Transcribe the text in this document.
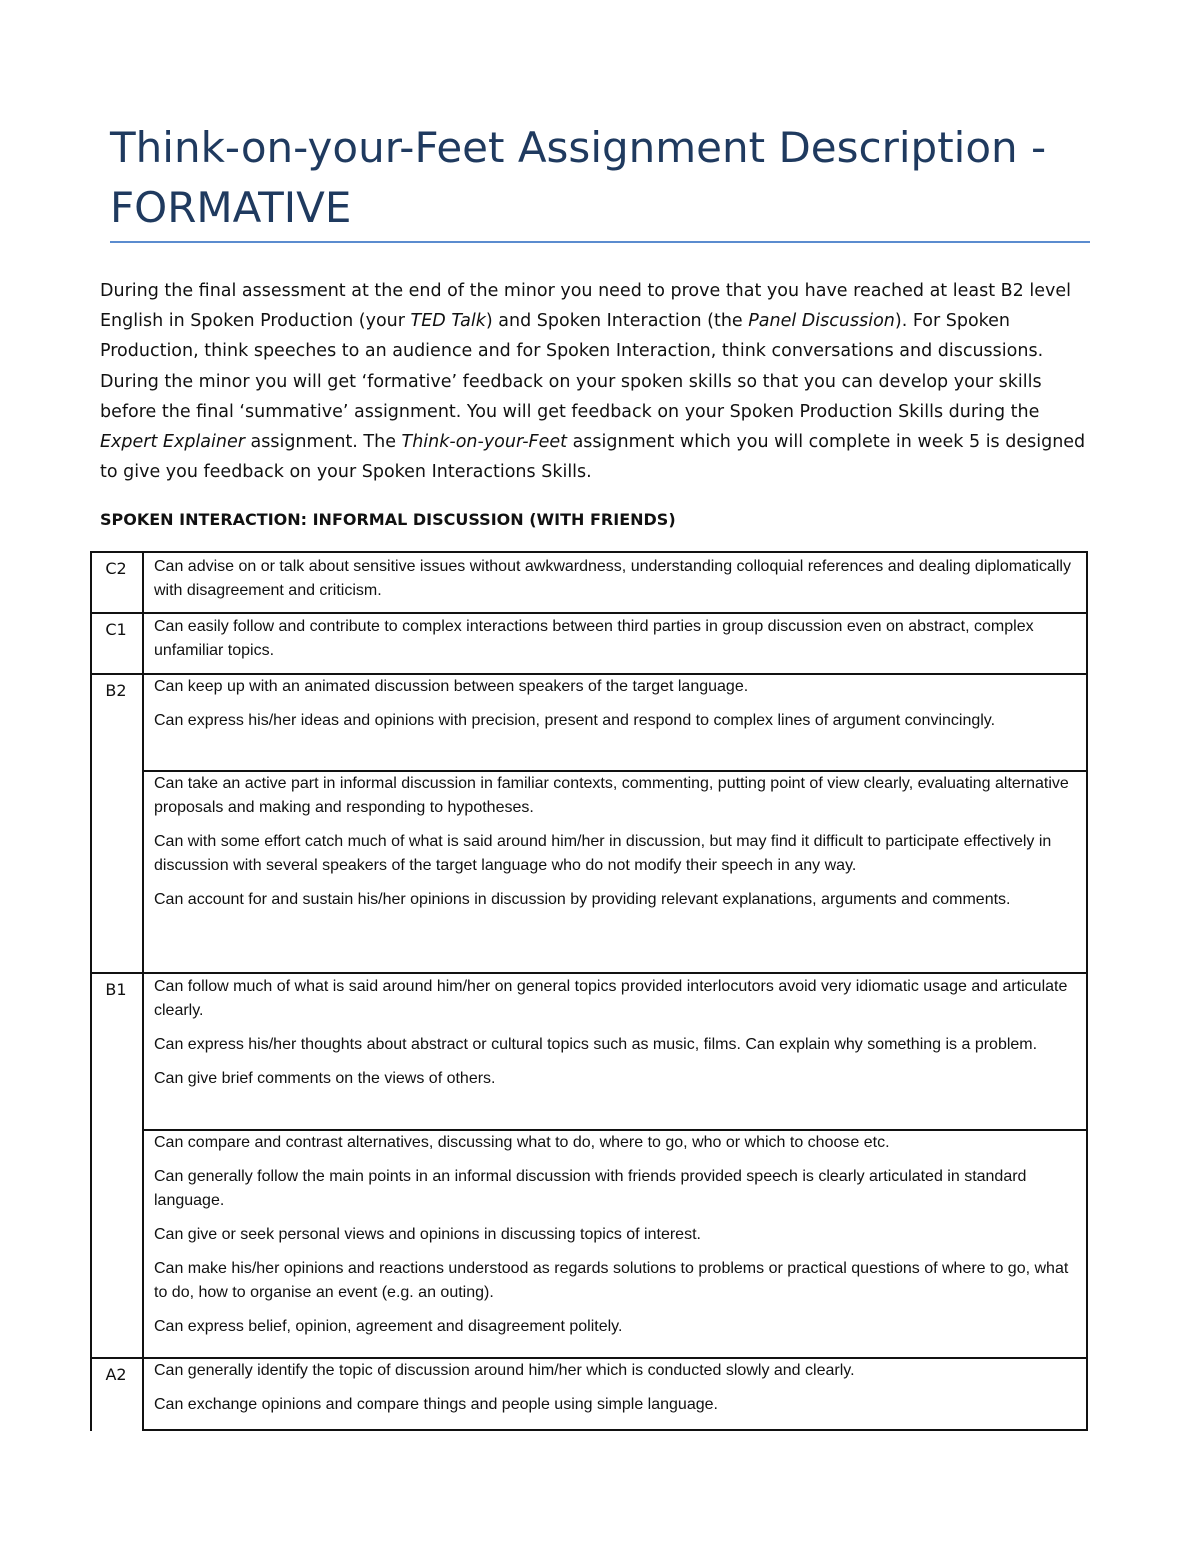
Think-on-your-Feet Assignment Description -
FORMATIVE

During the final assessment at the end of the minor you need to prove that you have reached at least B2 level English in Spoken Production (your TED Talk) and Spoken Interaction (the Panel Discussion). For Spoken Production, think speeches to an audience and for Spoken Interaction, think conversations and discussions. During the minor you will get ‘formative’ feedback on your spoken skills so that you can develop your skills before the final ‘summative’ assignment. You will get feedback on your Spoken Production Skills during the Expert Explainer assignment. The Think-on-your-Feet assignment which you will complete in week 5 is designed to give you feedback on your Spoken Interactions Skills.

SPOKEN INTERACTION: INFORMAL DISCUSSION (WITH FRIENDS)
C2	Can advise on or talk about sensitive issues without awkwardness, understanding colloquial references and dealing diplomatically with disagreement and criticism.

C1	Can easily follow and contribute to complex interactions between third parties in group discussion even on abstract, complex unfamiliar topics.

B2	Can keep up with an animated discussion between speakers of the target language.

Can express his/her ideas and opinions with precision, present and respond to complex lines of argument convincingly.

Can take an active part in informal discussion in familiar contexts, commenting, putting point of view clearly, evaluating alternative proposals and making and responding to hypotheses.

Can with some effort catch much of what is said around him/her in discussion, but may find it difficult to participate effectively in discussion with several speakers of the target language who do not modify their speech in any way.

Can account for and sustain his/her opinions in discussion by providing relevant explanations, arguments and comments.

B1	Can follow much of what is said around him/her on general topics provided interlocutors avoid very idiomatic usage and articulate clearly.

Can express his/her thoughts about abstract or cultural topics such as music, films. Can explain why something is a problem.

Can give brief comments on the views of others.

Can compare and contrast alternatives, discussing what to do, where to go, who or which to choose etc.

Can generally follow the main points in an informal discussion with friends provided speech is clearly articulated in standard language.

Can give or seek personal views and opinions in discussing topics of interest.

Can make his/her opinions and reactions understood as regards solutions to problems or practical questions of where to go, what to do, how to organise an event (e.g. an outing).

Can express belief, opinion, agreement and disagreement politely.

A2	Can generally identify the topic of discussion around him/her which is conducted slowly and clearly.

Can exchange opinions and compare things and people using simple language.
